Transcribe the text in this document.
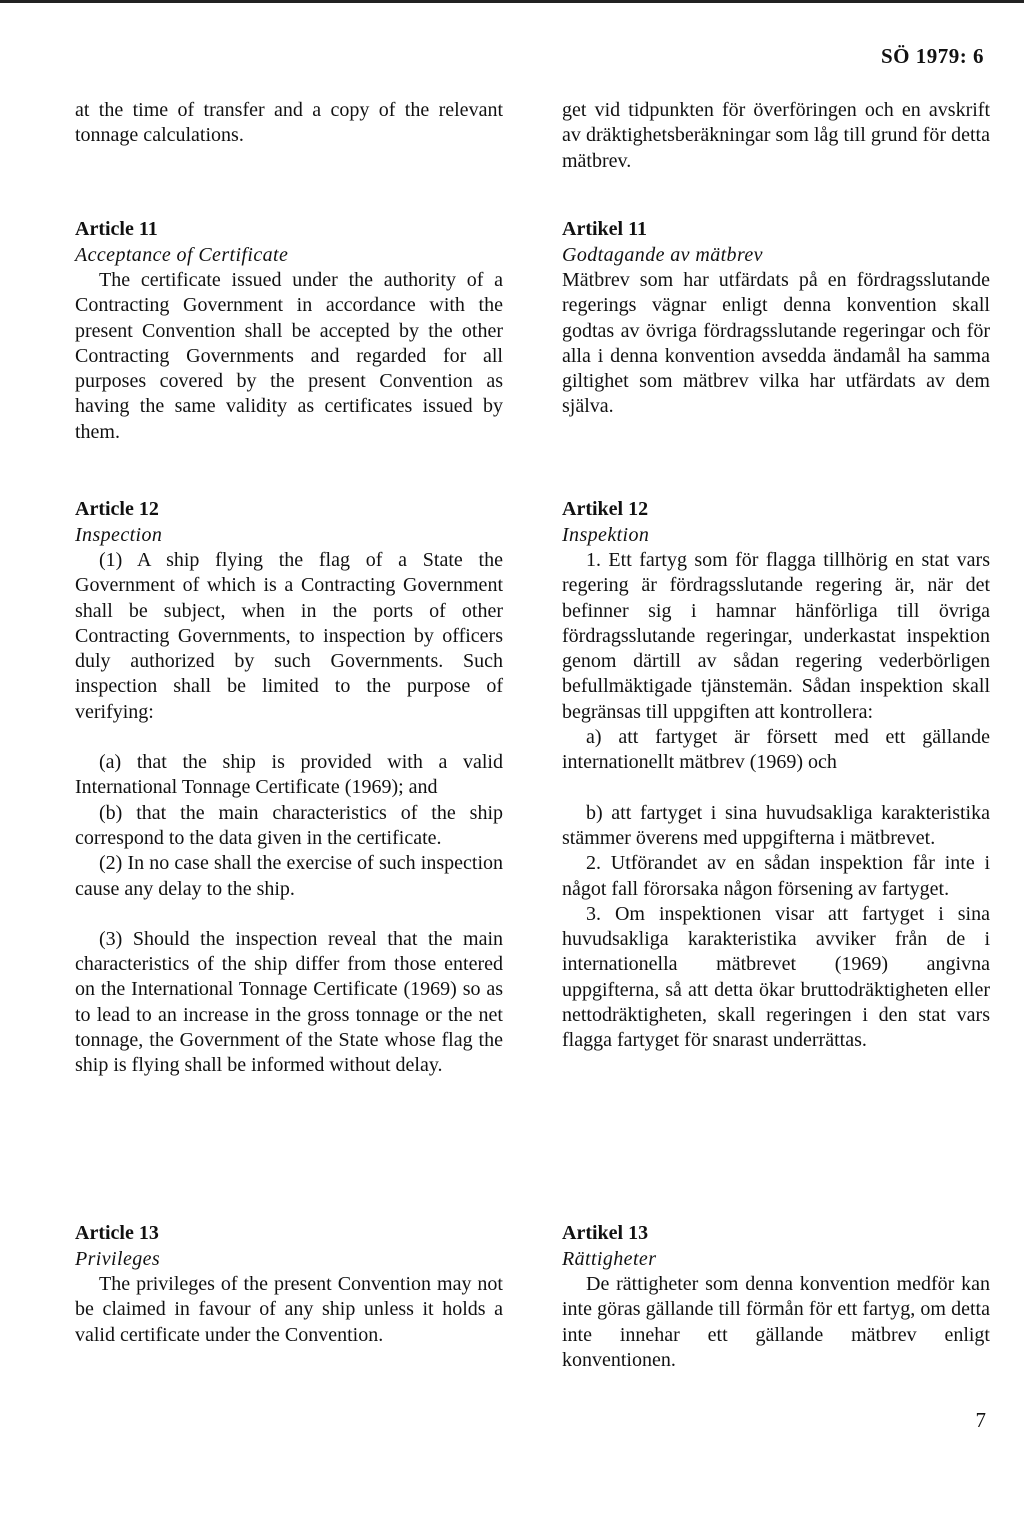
SÖ 1979: 6

at the time of transfer and a copy of the relevant tonnage calculations.

Article 11

Acceptance of Certificate

The certificate issued under the authority of a Contracting Government in accordance with the present Convention shall be accepted by the other Contracting Governments and regarded for all purposes covered by the present Convention as having the same validity as certificates issued by them.

Article 12

Inspection

(1) A ship flying the flag of a State the Government of which is a Contracting Government shall be subject, when in the ports of other Contracting Governments, to inspection by officers duly authorized by such Governments. Such inspection shall be limited to the purpose of verifying:

(a) that the ship is provided with a valid International Tonnage Certificate (1969); and

(b) that the main characteristics of the ship correspond to the data given in the certificate.

(2) In no case shall the exercise of such inspection cause any delay to the ship.

(3) Should the inspection reveal that the main characteristics of the ship differ from those entered on the International Tonnage Certificate (1969) so as to lead to an increase in the gross tonnage or the net tonnage, the Government of the State whose flag the ship is flying shall be informed without delay.

Article 13

Privileges

The privileges of the present Convention may not be claimed in favour of any ship unless it holds a valid certificate under the Convention.

get vid tidpunkten för överföringen och en avskrift av dräktighetsberäkningar som låg till grund för detta mätbrev.

Artikel 11

Godtagande av mätbrev

Mätbrev som har utfärdats på en fördragsslutande regerings vägnar enligt denna konvention skall godtas av övriga fördragsslutande regeringar och för alla i denna konvention avsedda ändamål ha samma giltighet som mätbrev vilka har utfärdats av dem själva.

Artikel 12

Inspektion

1. Ett fartyg som för flagga tillhörig en stat vars regering är fördragsslutande regering är, när det befinner sig i hamnar hänförliga till övriga fördragsslutande regeringar, underkastat inspektion genom därtill av sådan regering vederbörligen befullmäktigade tjänstemän. Sådan inspektion skall begränsas till uppgiften att kontrollera:

a) att fartyget är försett med ett gällande internationellt mätbrev (1969) och

b) att fartyget i sina huvudsakliga karakteristika stämmer överens med uppgifterna i mätbrevet.

2. Utförandet av en sådan inspektion får inte i något fall förorsaka någon försening av fartyget.

3. Om inspektionen visar att fartyget i sina huvudsakliga karakteristika avviker från de i internationella mätbrevet (1969) angivna uppgifterna, så att detta ökar bruttodräktigheten eller nettodräktigheten, skall regeringen i den stat vars flagga fartyget för snarast underrättas.

Artikel 13

Rättigheter

De rättigheter som denna konvention medför kan inte göras gällande till förmån för ett fartyg, om detta inte innehar ett gällande mätbrev enligt konventionen.

7
